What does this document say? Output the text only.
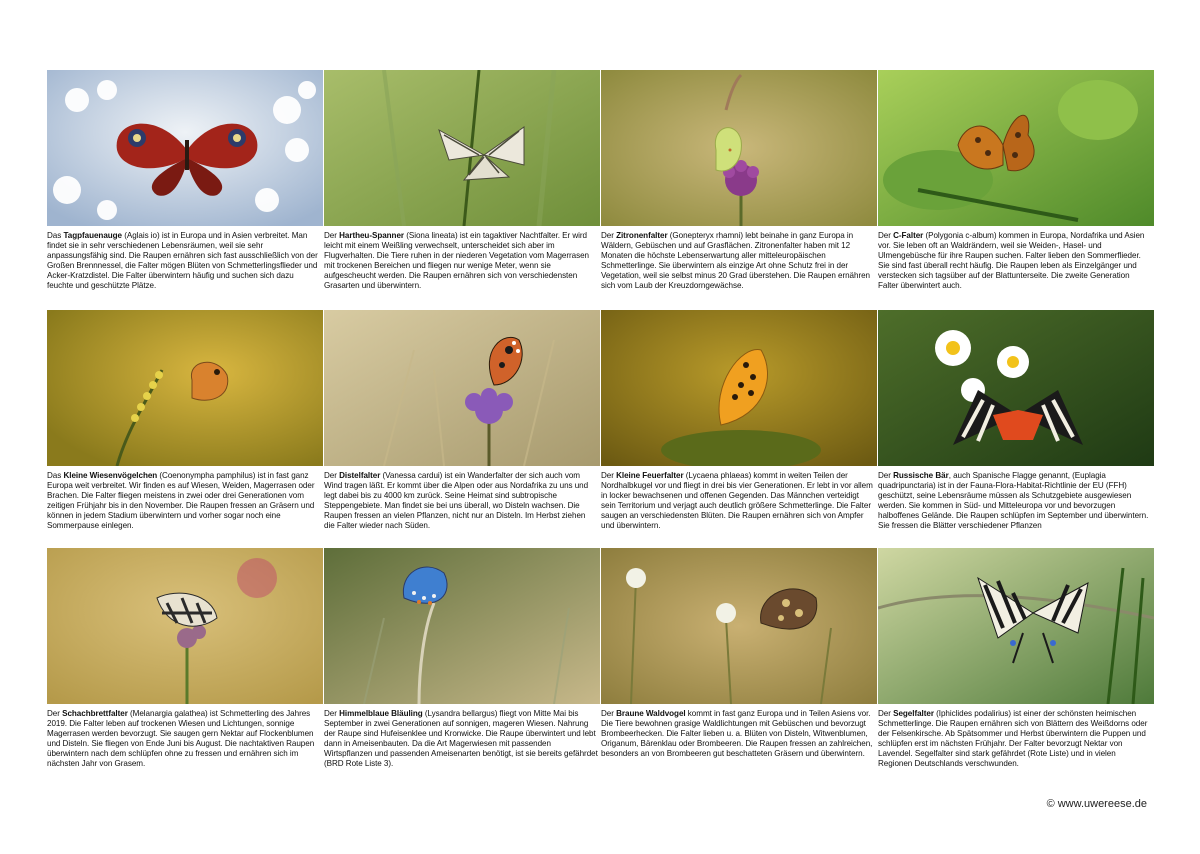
Das Tagpfauenauge (Aglais io) ist in Europa und in Asien verbreitet. Man findet sie in sehr verschiedenen Lebensräumen, weil sie sehr anpassungsfähig sind. Die Raupen ernähren sich fast ausschließlich von der Großen Brennnessel, die Falter mögen Blüten von Schmetterlingsflieder und Acker-Kratzdistel. Die Falter überwintern häufig und suchen sich dazu feuchte und geschützte Plätze.
Der Hartheu-Spanner (Siona lineata) ist ein tagaktiver Nachtfalter. Er wird leicht mit einem Weißling verwechselt, unterscheidet sich aber im Flugverhalten. Die Tiere ruhen in der niederen Vegetation vom Magerrasen mit trockenen Bereichen und fliegen nur wenige Meter, wenn sie aufgescheucht werden. Die Raupen ernähren sich von verschiedensten Grasarten und überwintern.
Der Zitronenfalter (Gonepteryx rhamni) lebt beinahe in ganz Europa in Wäldern, Gebüschen und auf Grasflächen. Zitronenfalter haben mit 12 Monaten die höchste Lebenserwartung aller mitteleuropäischen Schmetterlinge. Sie überwintern als einzige Art ohne Schutz frei in der Vegetation, weil sie selbst minus 20 Grad überstehen. Die Raupen ernähren sich vom Laub der Kreuzdorngewächse.
Der C-Falter (Polygonia c-album) kommen in Europa, Nordafrika und Asien vor. Sie leben oft an Waldrändern, weil sie Weiden-, Hasel- und Ulmengebüsche für ihre Raupen suchen. Falter lieben den Sommerflieder. Sie sind fast überall recht häufig. Die Raupen leben als Einzelgänger und verstecken sich tagsüber auf der Blattunterseite. Die zweite Generation Falter überwintert auch.
Das Kleine Wiesenvögelchen (Coenonympha pamphilus) ist in fast ganz Europa weit verbreitet. Wir finden es auf Wiesen, Weiden, Magerrasen oder Brachen. Die Falter fliegen meistens in zwei oder drei Generationen vom zeitigen Frühjahr bis in den November. Die Raupen fressen an Gräsern und können in jedem Stadium überwintern und vorher sogar noch eine Sommerpause einlegen.
Der Distelfalter (Vanessa cardui) ist ein Wanderfalter der sich auch vom Wind tragen läßt. Er kommt über die Alpen oder aus Nordafrika zu uns und legt dabei bis zu 4000 km zurück. Seine Heimat sind subtropische Steppengebiete. Man findet sie bei uns überall, wo Disteln wachsen. Die Raupen fressen an vielen Pflanzen, nicht nur an Disteln. Im Herbst ziehen die Falter wieder nach Süden.
Der Kleine Feuerfalter (Lycaena phlaeas) kommt in weiten Teilen der Nordhalbkugel vor und fliegt in drei bis vier Generationen. Er lebt in vor allem in locker bewachsenen und offenen Gegenden. Das Männchen verteidigt sein Territorium und verjagt auch deutlich größere Schmetterlinge. Die Falter saugen an verschiedensten Blüten. Die Raupen ernähren sich von Ampfer und überwintern.
Der Russische Bär, auch Spanische Flagge genannt, (Euplagia quadripunctaria) ist in der Fauna-Flora-Habitat-Richtlinie der EU (FFH) geschützt, seine Lebensräume müssen als Schutzgebiete ausgewiesen werden. Sie kommen in Süd- und Mitteleuropa vor und bevorzugen halboffenes Gelände. Die Raupen schlüpfen im September und überwintern. Sie fressen die Blätter verschiedener Pflanzen
Der Schachbrettfalter (Melanargia galathea) ist Schmetterling des Jahres 2019. Die Falter leben auf trockenen Wiesen und Lichtungen, sonnige Magerrasen werden bevorzugt. Sie saugen gern Nektar auf Flockenblumen und Disteln. Sie fliegen von Ende Juni bis August. Die nachtaktiven Raupen überwintern nach dem schlüpfen ohne zu fressen und ernähren sich im nächsten Jahr von Grasem.
Der Himmelblaue Bläuling (Lysandra bellargus) fliegt von Mitte Mai bis September in zwei Generationen auf sonnigen, mageren Wiesen. Nahrung der Raupe sind Hufeisenklee und Kronwicke. Die Raupe überwintert und lebt dann in Ameisenbauten. Da die Art Magerwiesen mit passenden Wirtspflanzen und passenden Ameisenarten benötigt, ist sie bereits gefährdet (BRD Rote Liste 3).
Der Braune Waldvogel kommt in fast ganz Europa und in Teilen Asiens vor. Die Tiere bewohnen grasige Waldlichtungen mit Gebüschen und bevorzugt Brombeerhecken. Die Falter lieben u. a. Blüten von Disteln, Witwenblumen, Origanum, Bärenklau oder Brombeeren. Die Raupen fressen an zahlreichen, besonders an von Brombeeren gut beschatteten Gräsern und überwintern.
Der Segelfalter (Iphiclides podalirius) ist einer der schönsten heimischen Schmetterlinge. Die Raupen ernähren sich von Blättern des Weißdorns oder der Felsenkirsche. Ab Spätsommer und Herbst überwintern die Puppen und schlüpfen erst im nächsten Frühjahr. Der Falter bevorzugt Nektar von Lavendel. Segelfalter sind stark gefährdet (Rote Liste) und in vielen Regionen Deutschlands verschwunden.
© www.uwereese.de
